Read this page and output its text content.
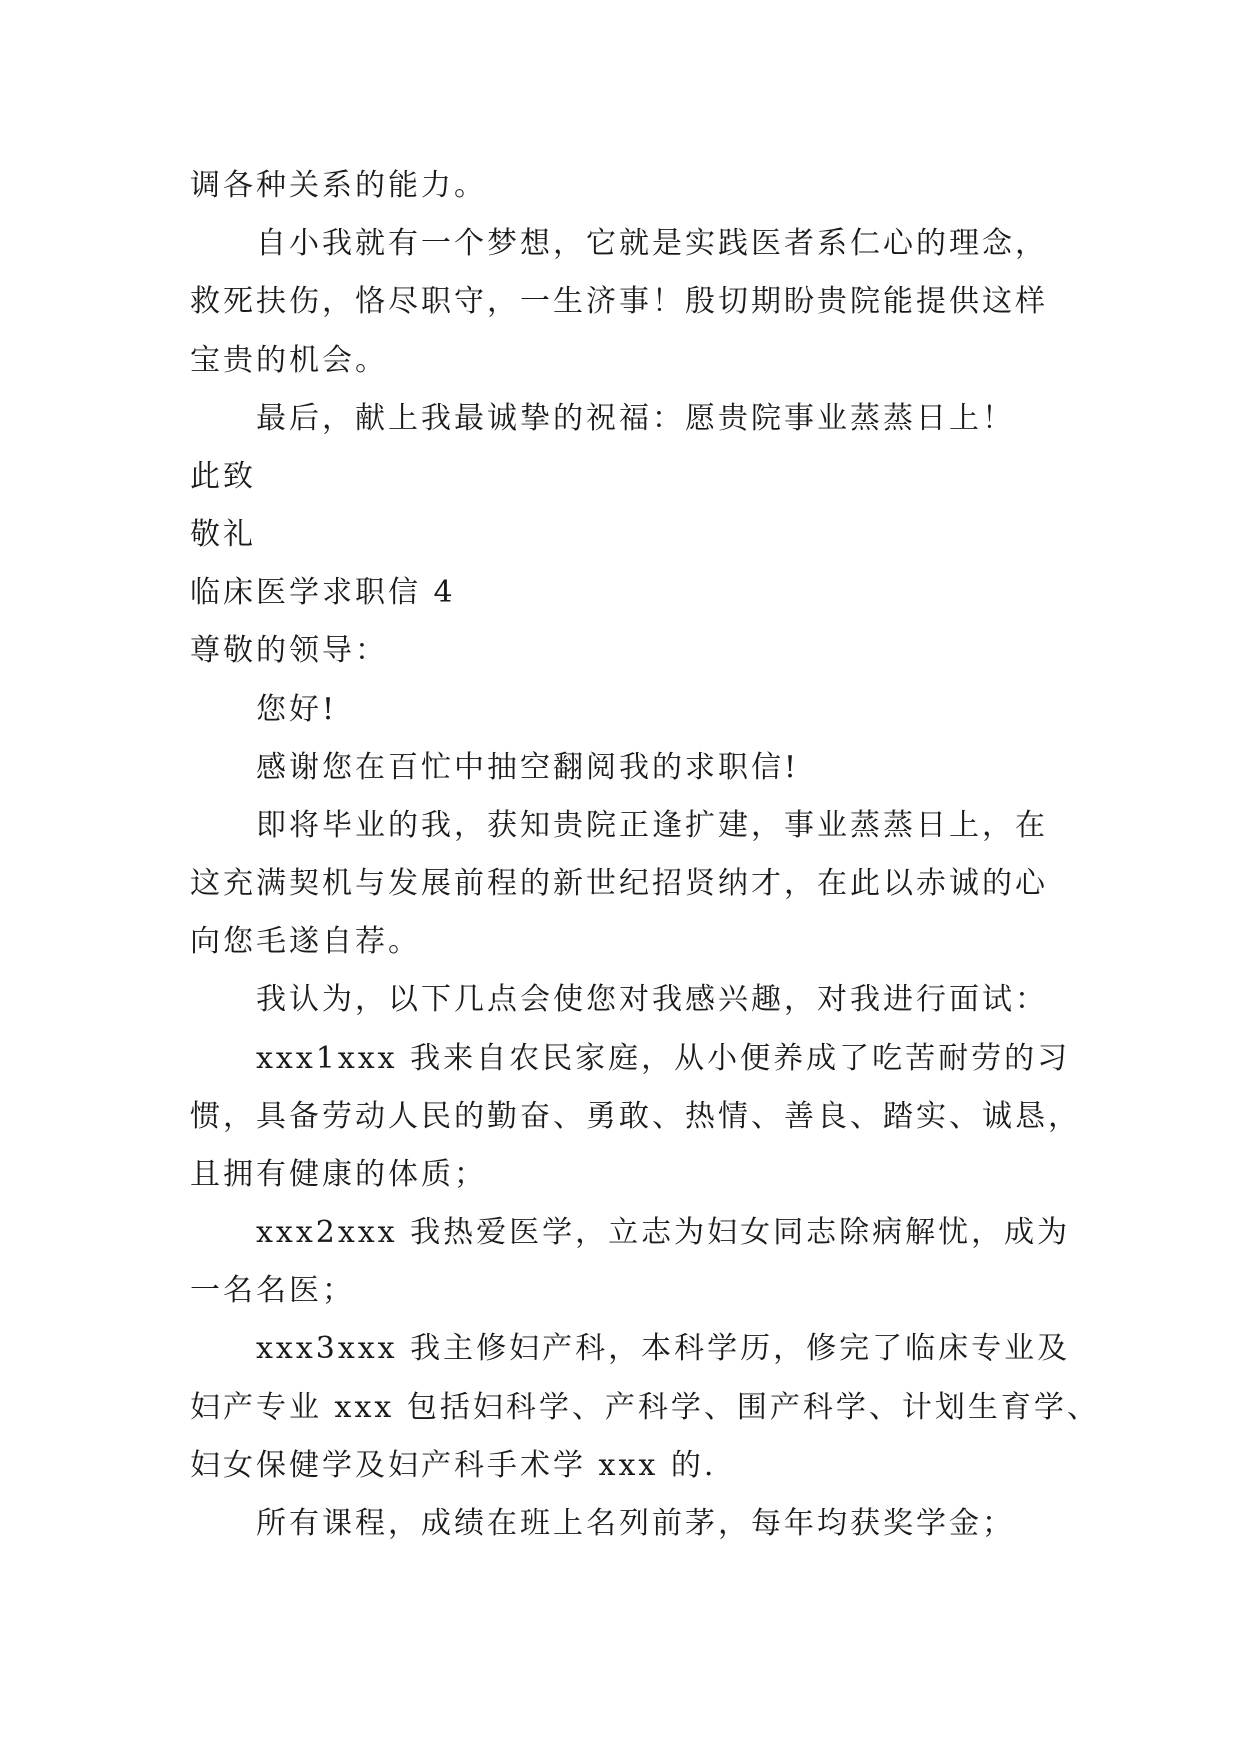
调各种关系的能力。
自小我就有一个梦想，它就是实践医者系仁心的理念，
救死扶伤，恪尽职守，一生济事！殷切期盼贵院能提供这样
宝贵的机会。
最后，献上我最诚挚的祝福：愿贵院事业蒸蒸日上！
此致
敬礼
临床医学求职信 4
尊敬的领导：
您好!
感谢您在百忙中抽空翻阅我的求职信!
即将毕业的我，获知贵院正逢扩建，事业蒸蒸日上，在
这充满契机与发展前程的新世纪招贤纳才，在此以赤诚的心
向您毛遂自荐。
我认为，以下几点会使您对我感兴趣，对我进行面试：
xxx1xxx 我来自农民家庭，从小便养成了吃苦耐劳的习
惯，具备劳动人民的勤奋、勇敢、热情、善良、踏实、诚恳，
且拥有健康的体质；
xxx2xxx 我热爱医学，立志为妇女同志除病解忧，成为
一名名医；
xxx3xxx 我主修妇产科，本科学历，修完了临床专业及
妇产专业 xxx 包括妇科学、产科学、围产科学、计划生育学、
妇女保健学及妇产科手术学 xxx 的.
所有课程，成绩在班上名列前茅，每年均获奖学金；
